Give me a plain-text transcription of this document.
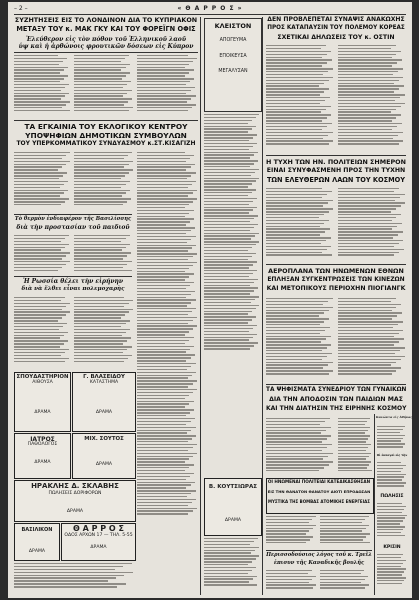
– 2 –	« Θ Α Ρ Ρ Ο Σ »
ΣΥΖΗΤΗΣΕΙΣ ΕΙΣ ΤΟ ΛΟΝΔΙΝΟΝ ΔΙΑ ΤΟ ΚΥΠΡΙΑΚΟΝ
ΜΕΤΑΞΥ ΤΟΥ κ. ΜΑΚ ΓΚΥ ΚΑΙ ΤΟΥ ΦΟΡΕΪΓΝ ΟΦΙΣ
Ἐλεύθερον εἰς τὸν πόθον τοῦ Ἑλληνικοῦ λαοῦ
ὑψ καὶ ἡ ἀρθώνοις φρουτικῶν δόσεων εἰς Κύπρον
ΤΑ ΕΓΚΑΙΝΙΑ ΤΟΥ ΕΚΛΟΓΙΚΟΥ ΚΕΝΤΡΟΥ
ΥΠΟΨΗΦΙΩΝ ΔΗΜΟΤΙΚΩΝ ΣΥΜΒΟΥΛΩΝ
ΤΟΥ ΥΠΕΡΚΟΜΜΑΤΙΚΟΥ ΣΥΝΔΥΑΣΜΟΥ κ.ΣΤ.ΚΙΣΑΓΙΖΗ
Τὸ θερμὸν ἐνδιαφέρον τῆς Βασιλίσσης
διὰ τὴν προστασίαν τοῦ παιδιοῦ
Ἡ Ρωσσία θέλει τὴν εἰρήνην
διὰ νὰ ἔλθει εἶναι πολεμοχαρὴς
ΣΠΟΥΔΑΣΤΗΡΙΟΝ
ΑΙΘΟΥΣΑ
ΔΡΑΜΑ
Γ. ΒΛΑΣΕΙΔΟΥ
ΚΑΤΑΣΤΗΜΑ
ΔΡΑΜΑ
ΙΑΤΡΟΣ
ΠΑΘΟΛΟΓΟΣ
ΔΡΑΜΑ
ΜΙΧ. ΣΟΥΤΟΣ
ΔΡΑΜΑ
ΗΡΑΚΛΗΣ Δ. ΣΚΛΑΒΗΣ
ΠΩΛΗΣΕΙΣ ΔΟΡΙΦΟΡΩΝ
ΔΡΑΜΑ
ΒΑΣΙΛΙΚΟΝ
ΔΡΑΜΑ
Θ Α Ρ Ρ Ο Σ
ΟΔΟΣ ΑΡΧΩΝ 17 — ΤΗΛ. 5-55
ΔΡΑΜΑ
ΚΛΕΙΣΤΟΝ
ΑΠΟΓΕΥΜΑ
ΕΠΟΙΚΕΥΣΑ
ΜΕΓΑΛΥΣΑΝ
Β. ΚΟΥΤΣΙΩΡΑΣ
ΔΡΑΜΑ
ΔΕΝ ΠΡΟΒΛΕΠΕΤΑΙ ΣΥΝΑΨΙΣ ΑΝΑΚΩΧΗΣ
ΠΡΟΣ ΚΑΤΑΠΑΥΣΙΝ ΤΟΥ ΠΟΛΕΜΟΥ ΚΟΡΕΑΣ
ΣΧΕΤΙΚΑΙ ΔΗΛΩΣΕΙΣ ΤΟΥ κ. ΟΣΤΙΝ
Η ΤΥΧΗ ΤΩΝ ΗΝ. ΠΟΛΙΤΕΙΩΝ ΣΗΜΕΡΟΝ
ΕΙΝΑΙ ΣΥΝΥΦΑΣΜΕΝΗ ΠΡΟΣ ΤΗΝ ΤΥΧΗΝ
ΤΩΝ ΕΛΕΥΘΕΡΩΝ ΛΑΩΝ ΤΟΥ ΚΟΣΜΟΥ
ΑΕΡΟΠΛΑΝΑ ΤΩΝ ΗΝΩΜΕΝΩΝ ΕΘΝΩΝ
ΕΠΛΗΞΑΝ ΣΥΓΚΕΝΤΡΩΣΕΙΣ ΤΩΝ ΚΙΝΕΖΩΝ
ΚΑΙ ΜΕΤΟΠΙΚΟΥΣ ΠΕΡΙΟΧΗΝ ΠΙΟΓΙΑΝΓΚ
ΤΑ ΨΗΦΙΣΜΑΤΑ ΣΥΝΕΔΡΙΟΥ ΤΩΝ ΓΥΝΑΙΚΩΝ
ΔΙΑ ΤΗΝ ΑΠΟΔΟΣΙΝ ΤΩΝ ΠΑΙΔΙΩΝ ΜΑΣ
ΚΑΙ ΤΗΝ ΔΙΑΤΗΣΙΝ ΤΗΣ ΕΙΡΗΝΗΣ ΚΟΣΜΟΥ
Καλώντα εἰς Ἀθήνας
Οἱ ἐκλογαὶ εἰς τὴν
ΠΩΛΗΣΙΣ
ΚΡΙΣΙΝ
ΟΙ ΗΝΩΜΕΝΑΙ ΠΟΛΙΤΕΙΑΙ ΚΑΤΕΔΙΚΑΣΘΗΣΑΝ
ΕΙΣ ΤΗΝ ΘΑΝΑΤΟΝ ΘΑΝΑΤΟΥ ΔΙΟΤΙ ΕΠΡΟΔΩΣΑΝ
ΜΥΣΤΙΚΑ ΤΗΣ ΒΟΜΒΑΣ ΑΤΟΜΙΚΗΣ ΕΝΕΡΓΕΙΑΣ
Περισσοδούσιος λόγος τοῦ κ. Τρεῖλ
ἐπισυν τῆς Καναδικῆς βουλῆς
